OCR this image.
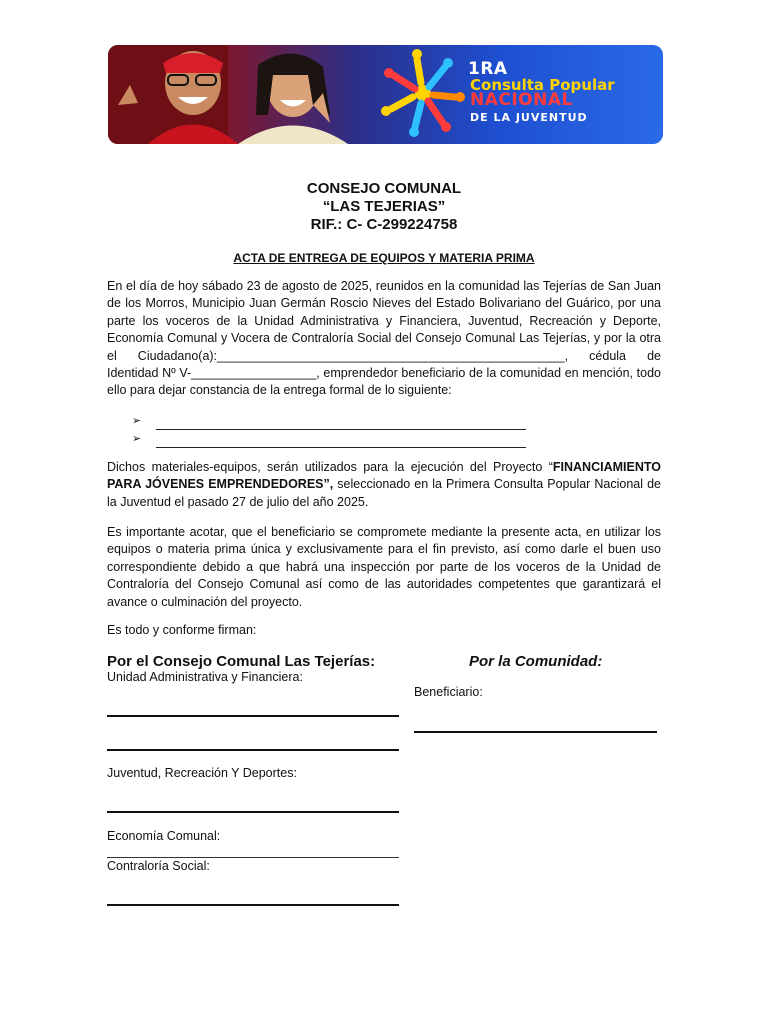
1RA
Consulta Popular
NACIONAL
DE LA JUVENTUD
CONSEJO COMUNAL
“LAS TEJERIAS”
RIF.: C- C-299224758
ACTA DE ENTREGA DE EQUIPOS Y MATERIA PRIMA
En el día de hoy sábado 23 de agosto de 2025, reunidos en la comunidad las Tejerías de San Juan de los Morros, Municipio Juan Germán Roscio Nieves del Estado Bolivariano del Guárico, por una parte los voceros de la Unidad Administrativa y Financiera, Juventud, Recreación y Deporte, Economía Comunal y Vocera de Contraloría Social del Consejo Comunal Las Tejerías, y por la otra el Ciudadano(a):__________________________________________________, cédula de Identidad Nº V-__________________, emprendedor beneficiario de la comunidad en mención, todo ello para dejar constancia de la entrega formal de lo siguiente:
➢
➢
Dichos materiales-equipos, serán utilizados para la ejecución del Proyecto “FINANCIAMIENTO PARA JÓVENES EMPRENDEDORES”, seleccionado en la Primera Consulta Popular Nacional de la Juventud el pasado 27 de julio del año 2025.
Es importante acotar, que el beneficiario se compromete mediante la presente acta, en utilizar los equipos o materia prima única y exclusivamente para el fin previsto, así como darle el buen uso correspondiente debido a que habrá una inspección por parte de los voceros de la Unidad de Contraloría del Consejo Comunal así como de las autoridades competentes que garantizará el avance o culminación del proyecto.
Es todo y conforme firman:
Por el Consejo Comunal Las Tejerías:	Por la Comunidad:
Unidad Administrativa y Financiera:
Beneficiario:
Juventud, Recreación Y Deportes:
Economía Comunal:
Contraloría Social:
